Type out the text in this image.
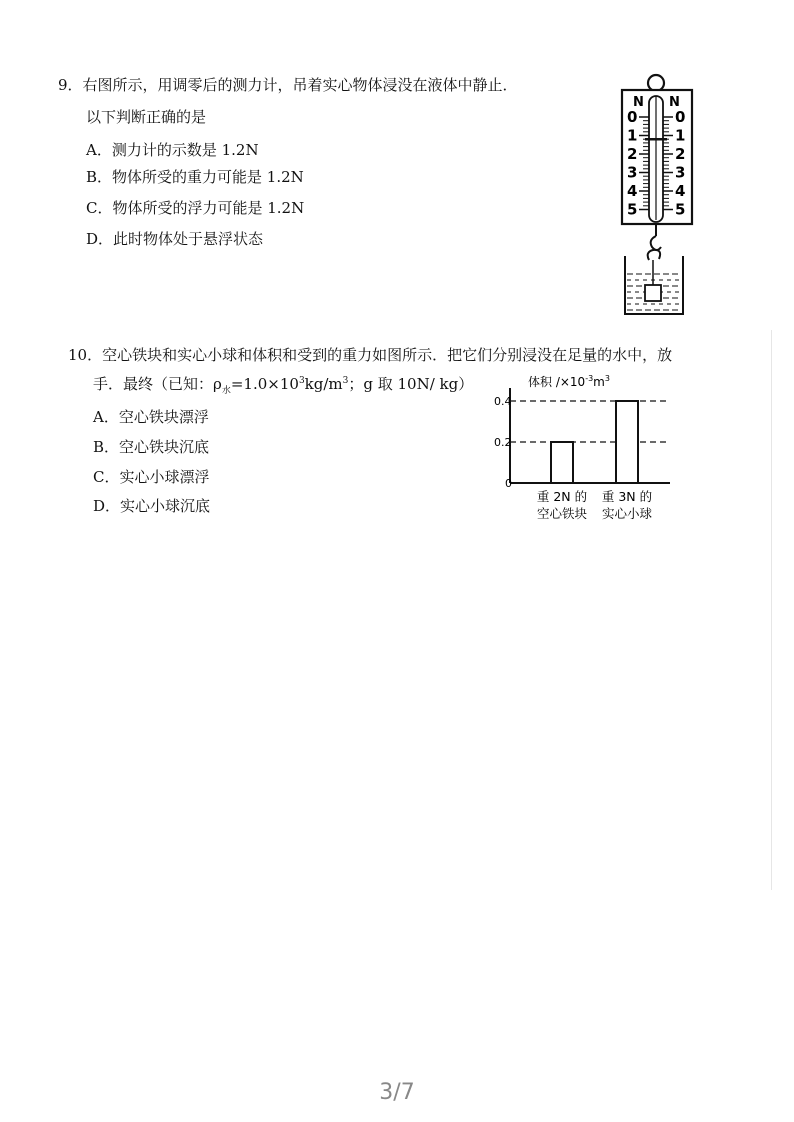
9．右图所示，用调零后的测力计，吊着实心物体浸没在液体中静止．
以下判断正确的是
A．测力计的示数是 1.2N
B．物体所受的重力可能是 1.2N
C．物体所受的浮力可能是 1.2N
D．此时物体处于悬浮状态
N N
0	0
1	1
2	2
3	3
4	4
5	5
10．空心铁块和实心小球和体积和受到的重力如图所示．把它们分别浸没在足量的水中，放
手．最终（已知：$\rho_水=1.0\times 10^3kg/m^3$；g 取 10N/ kg）
A．空心铁块漂浮
B．空心铁块沉底
C．实心小球漂浮
D．实心小球沉底
体积 $/\times 10^{-3}m^3$
0.4
0.2
0
重 2N 的
空心铁块
重 3N 的
实心小球
3/7
